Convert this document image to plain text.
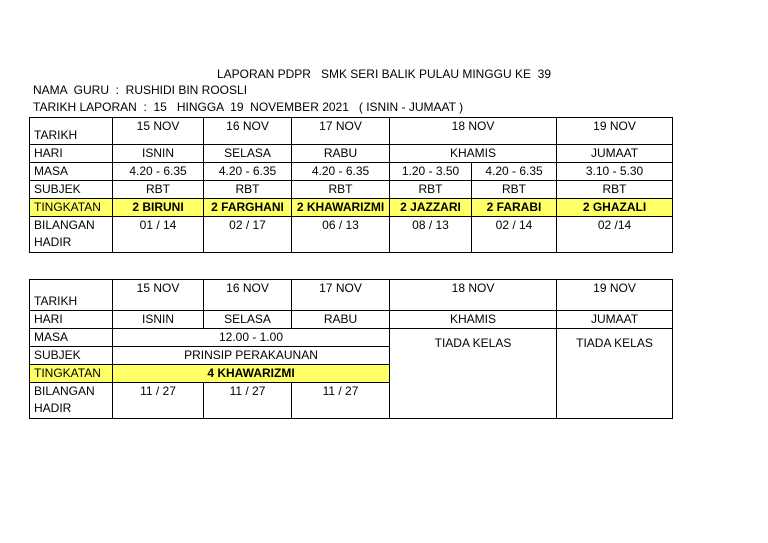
LAPORAN PDPR   SMK SERI BALIK PULAU MINGGU KE  39
NAMA  GURU  :  RUSHIDI BIN ROOSLI
TARIKH LAPORAN  :  15   HINGGA  19  NOVEMBER 2021   ( ISNIN - JUMAAT )
TARIKH	15 NOV	16 NOV	17 NOV	18 NOV		19 NOV
HARI	ISNIN	SELASA	RABU	KHAMIS		JUMAAT
MASA	4.20 - 6.35	4.20 - 6.35	4.20 - 6.35	1.20 - 3.50	4.20 - 6.35	3.10 - 5.30
SUBJEK	RBT	RBT	RBT	RBT	RBT	RBT
TINGKATAN	2 BIRUNI	2 FARGHANI	2 KHAWARIZMI	2 JAZZARI	2 FARABI	2 GHAZALI
BILANGAN
HADIR	01 / 14	02 / 17	06 / 13	08 / 13	02 / 14	02 /14
TARIKH	15 NOV	16 NOV	17 NOV	18 NOV	19 NOV
HARI	ISNIN	SELASA	RABU	KHAMIS	JUMAAT
MASA	12.00 - 1.00			TIADA KELAS	TIADA KELAS

SUBJEK	PRINSIP PERAKAUNAN				
TINGKATAN	4 KHAWARIZMI				
BILANGAN
HADIR	11 / 27	11 / 27	11 / 27		
